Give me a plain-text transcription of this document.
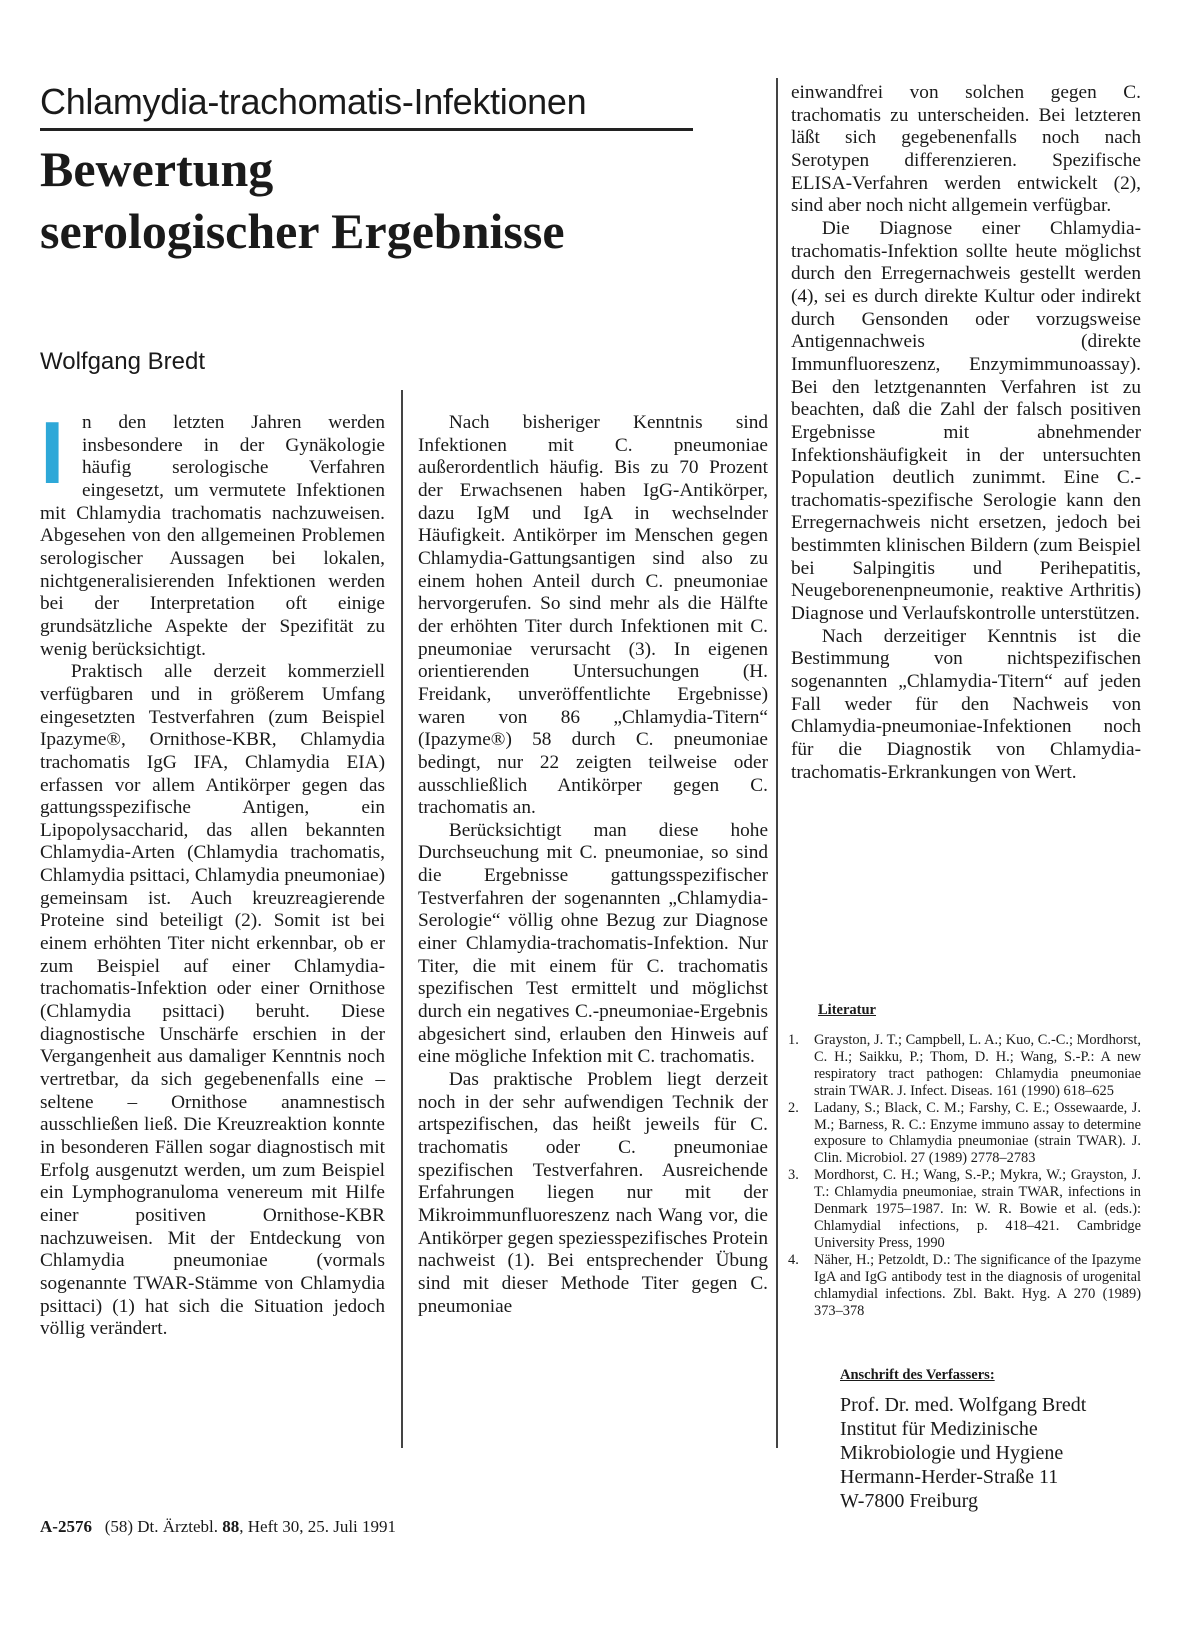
Chlamydia-trachomatis-Infektionen
Bewertung
serologischer Ergebnisse
Wolfgang Bredt

In den letzten Jahren werden insbesondere in der Gynäkologie häufig serologische Verfahren eingesetzt, um vermutete Infektionen mit Chlamydia trachomatis nachzuweisen. Abgesehen von den allgemeinen Problemen serologischer Aussagen bei lokalen, nichtgeneralisierenden Infektionen werden bei der Interpretation oft einige grundsätzliche Aspekte der Spezifität zu wenig berücksichtigt.

Praktisch alle derzeit kommerziell verfügbaren und in größerem Umfang eingesetzten Testverfahren (zum Beispiel Ipazyme®, Ornithose-KBR, Chlamydia trachomatis IgG IFA, Chlamydia EIA) erfassen vor allem Antikörper gegen das gattungsspezifische Antigen, ein Lipopolysaccharid, das allen bekannten Chlamydia-Arten (Chlamydia trachomatis, Chlamydia psittaci, Chlamydia pneumoniae) gemeinsam ist. Auch kreuzreagierende Proteine sind beteiligt (2). Somit ist bei einem erhöhten Titer nicht erkennbar, ob er zum Beispiel auf einer Chlamydia-trachomatis-Infektion oder einer Ornithose (Chlamydia psittaci) beruht. Diese diagnostische Unschärfe erschien in der Vergangenheit aus damaliger Kenntnis noch vertretbar, da sich gegebenenfalls eine – seltene – Ornithose anamnestisch ausschließen ließ. Die Kreuzreaktion konnte in besonderen Fällen sogar diagnostisch mit Erfolg ausgenutzt werden, um zum Beispiel ein Lymphogranuloma venereum mit Hilfe einer positiven Ornithose-KBR nachzuweisen. Mit der Entdeckung von Chlamydia pneumoniae (vormals sogenannte TWAR-Stämme von Chlamydia psittaci) (1) hat sich die Situation jedoch völlig verändert.

Nach bisheriger Kenntnis sind Infektionen mit C. pneumoniae außerordentlich häufig. Bis zu 70 Prozent der Erwachsenen haben IgG-Antikörper, dazu IgM und IgA in wechselnder Häufigkeit. Antikörper im Menschen gegen Chlamydia-Gattungsantigen sind also zu einem hohen Anteil durch C. pneumoniae hervorgerufen. So sind mehr als die Hälfte der erhöhten Titer durch Infektionen mit C. pneumoniae verursacht (3). In eigenen orientierenden Untersuchungen (H. Freidank, unveröffentlichte Ergebnisse) waren von 86 „Chlamydia-Titern“ (Ipazyme®) 58 durch C. pneumoniae bedingt, nur 22 zeigten teilweise oder ausschließlich Antikörper gegen C. trachomatis an.

Berücksichtigt man diese hohe Durchseuchung mit C. pneumoniae, so sind die Ergebnisse gattungsspezifischer Testverfahren der sogenannten „Chlamydia-Serologie“ völlig ohne Bezug zur Diagnose einer Chlamydia-trachomatis-Infektion. Nur Titer, die mit einem für C. trachomatis spezifischen Test ermittelt und möglichst durch ein negatives C.-pneumoniae-Ergebnis abgesichert sind, erlauben den Hinweis auf eine mögliche Infektion mit C. trachomatis.

Das praktische Problem liegt derzeit noch in der sehr aufwendigen Technik der artspezifischen, das heißt jeweils für C. trachomatis oder C. pneumoniae spezifischen Testverfahren. Ausreichende Erfahrungen liegen nur mit der Mikroimmunfluoreszenz nach Wang vor, die Antikörper gegen speziesspezifisches Protein nachweist (1). Bei entsprechender Übung sind mit dieser Methode Titer gegen C. pneumoniae

einwandfrei von solchen gegen C. trachomatis zu unterscheiden. Bei letzteren läßt sich gegebenenfalls noch nach Serotypen differenzieren. Spezifische ELISA-Verfahren werden entwickelt (2), sind aber noch nicht allgemein verfügbar.

Die Diagnose einer Chlamydia-trachomatis-Infektion sollte heute möglichst durch den Erregernachweis gestellt werden (4), sei es durch direkte Kultur oder indirekt durch Gensonden oder vorzugsweise Antigennachweis (direkte Immunfluoreszenz, Enzymimmunoassay). Bei den letztgenannten Verfahren ist zu beachten, daß die Zahl der falsch positiven Ergebnisse mit abnehmender Infektionshäufigkeit in der untersuchten Population deutlich zunimmt. Eine C.-trachomatis-spezifische Serologie kann den Erregernachweis nicht ersetzen, jedoch bei bestimmten klinischen Bildern (zum Beispiel bei Salpingitis und Perihepatitis, Neugeborenenpneumonie, reaktive Arthritis) Diagnose und Verlaufskontrolle unterstützen.

Nach derzeitiger Kenntnis ist die Bestimmung von nichtspezifischen sogenannten „Chlamydia-Titern“ auf jeden Fall weder für den Nachweis von Chlamydia-pneumoniae-Infektionen noch für die Diagnostik von Chlamydia-trachomatis-Erkrankungen von Wert.

Literatur
1.	Grayston, J. T.; Campbell, L. A.; Kuo, C.-C.; Mordhorst, C. H.; Saikku, P.; Thom, D. H.; Wang, S.-P.: A new respiratory tract pathogen: Chlamydia pneumoniae strain TWAR. J. Infect. Diseas. 161 (1990) 618–625
2.	Ladany, S.; Black, C. M.; Farshy, C. E.; Ossewaarde, J. M.; Barness, R. C.: Enzyme immuno assay to determine exposure to Chlamydia pneumoniae (strain TWAR). J. Clin. Microbiol. 27 (1989) 2778–2783
3.	Mordhorst, C. H.; Wang, S.-P.; Mykra, W.; Grayston, J. T.: Chlamydia pneumoniae, strain TWAR, infections in Denmark 1975–1987. In: W. R. Bowie et al. (eds.): Chlamydial infections, p. 418–421. Cambridge University Press, 1990
4.	Näher, H.; Petzoldt, D.: The significance of the Ipazyme IgA and IgG antibody test in the diagnosis of urogenital chlamydial infections. Zbl. Bakt. Hyg. A 270 (1989) 373–378
Anschrift des Verfassers:
Prof. Dr. med. Wolfgang Bredt
Institut für Medizinische
Mikrobiologie und Hygiene
Hermann-Herder-Straße 11
W-7800 Freiburg
A-2576 (58) Dt. Ärztebl. 88, Heft 30, 25. Juli 1991
